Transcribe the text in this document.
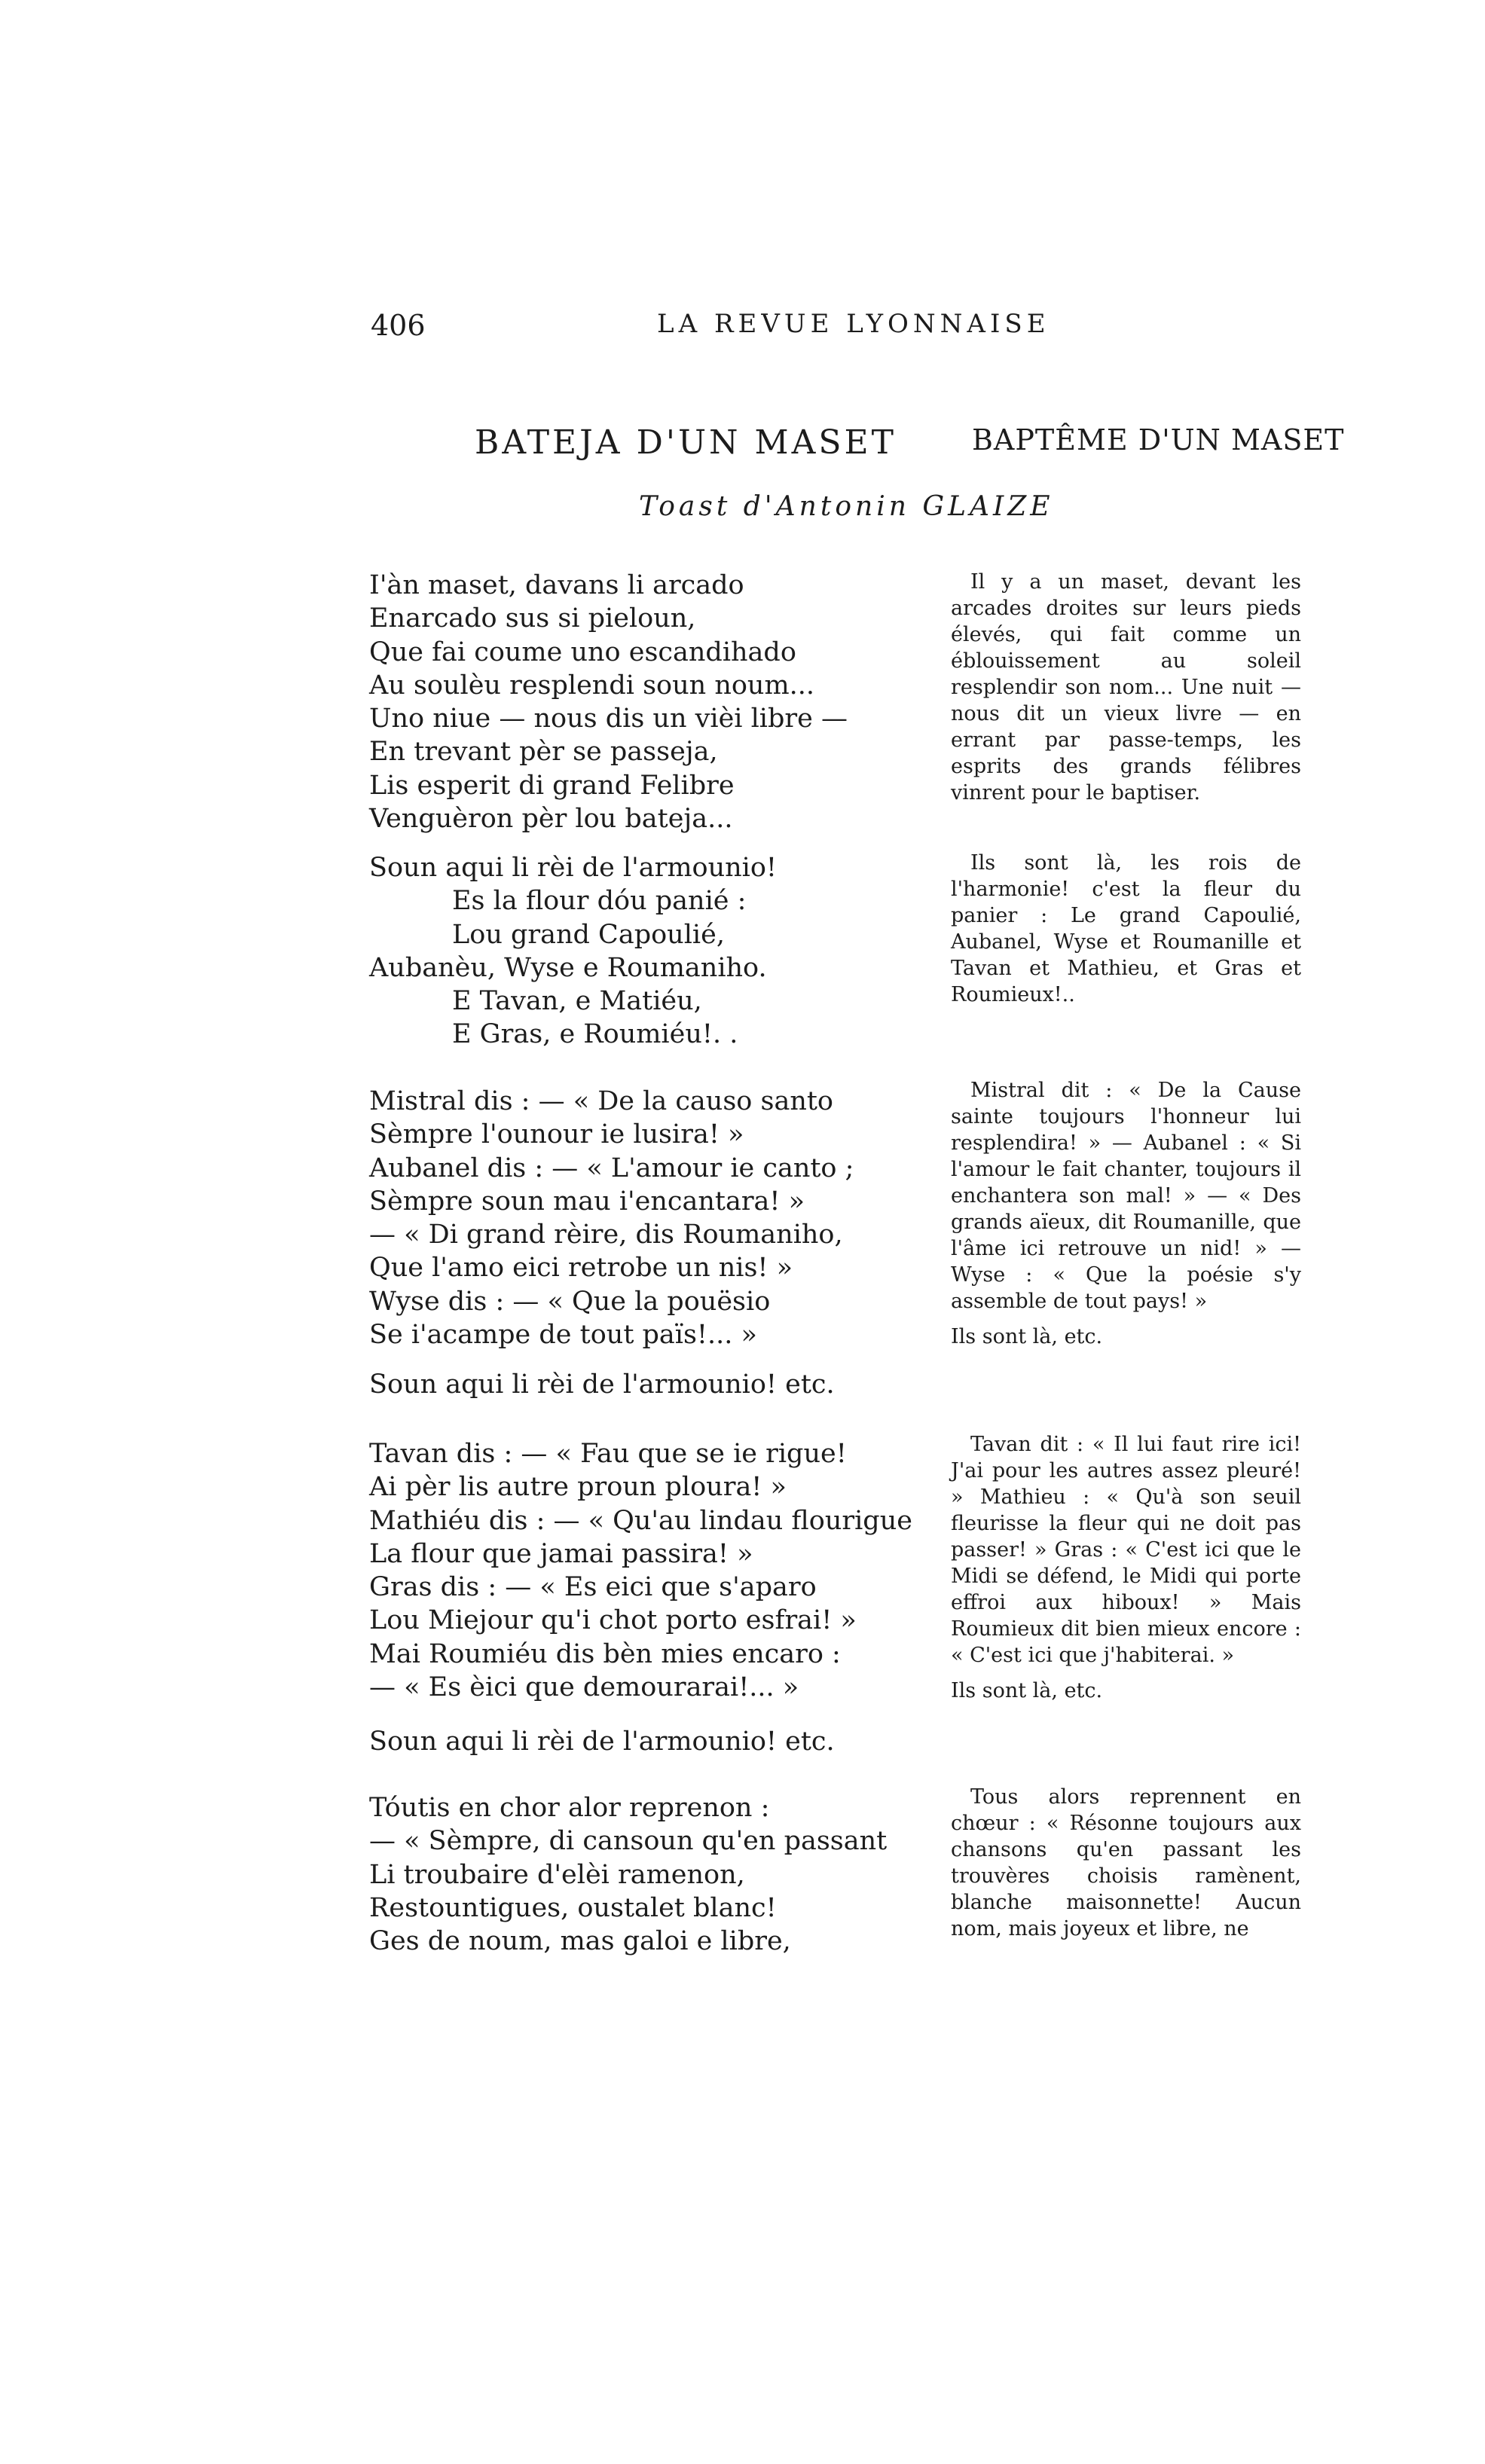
406	LA REVUE LYONNAISE
BATEJA D'UN MASET	BAPTÊME D'UN MASET
Toast d'Antonin GLAIZE
I'àn maset, davans li arcado
Enarcado sus si pieloun,
Que fai coume uno escandihado
Au soulèu resplendi soun noum...
Uno niue — nous dis un vièi libre —
En trevant pèr se passeja,
Lis esperit di grand Felibre
Venguèron pèr lou bateja...
Soun aqui li rèi de l'armounio!
Es la flour dóu panié :
Lou grand Capoulié,
Aubanèu, Wyse e Roumaniho.
E Tavan, e Matiéu,
E Gras, e Roumiéu!. .
Mistral dis : — « De la causo santo
Sèmpre l'ounour ie lusira! »
Aubanel dis : — « L'amour ie canto ;
Sèmpre soun mau i'encantara! »
— « Di grand rèire, dis Roumaniho,
Que l'amo eici retrobe un nis! »
Wyse dis : — « Que la pouësio
Se i'acampe de tout païs!... »
Soun aqui li rèi de l'armounio! etc.
Tavan dis : — « Fau que se ie rigue!
Ai pèr lis autre proun ploura! »
Mathiéu dis : — « Qu'au lindau flourigue
La flour que jamai passira! »
Gras dis : — « Es eici que s'aparo
Lou Miejour qu'i chot porto esfrai! »
Mai Roumiéu dis bèn mies encaro :
— « Es èici que demourarai!... »
Soun aqui li rèi de l'armounio! etc.
Tóutis en chor alor reprenon :
— « Sèmpre, di cansoun qu'en passant
Li troubaire d'elèi ramenon,
Restountigues, oustalet blanc!
Ges de noum, mas galoi e libre,
Il y a un maset, devant les arcades droites sur leurs pieds élevés, qui fait comme un éblouissement au soleil resplendir son nom... Une nuit — nous dit un vieux livre — en errant par passe-temps, les esprits des grands félibres vinrent pour le baptiser.
Ils sont là, les rois de l'harmonie! c'est la fleur du panier : Le grand Capoulié, Aubanel, Wyse et Roumanille et Tavan et Mathieu, et Gras et Roumieux!..
Mistral dit : « De la Cause sainte toujours l'honneur lui resplendira! » — Aubanel : « Si l'amour le fait chanter, toujours il enchantera son mal! » — « Des grands aïeux, dit Roumanille, que l'âme ici retrouve un nid! » — Wyse : « Que la poésie s'y assemble de tout pays! »
Ils sont là, etc.
Tavan dit : « Il lui faut rire ici! J'ai pour les autres assez pleuré! » Mathieu : « Qu'à son seuil fleurisse la fleur qui ne doit pas passer! » Gras : « C'est ici que le Midi se défend, le Midi qui porte effroi aux hiboux! » Mais Roumieux dit bien mieux encore : « C'est ici que j'habiterai. »
Ils sont là, etc.
Tous alors reprennent en chœur : « Résonne toujours aux chansons qu'en passant les trouvères choisis ramènent, blanche maisonnette! Aucun nom, mais joyeux et libre, ne
